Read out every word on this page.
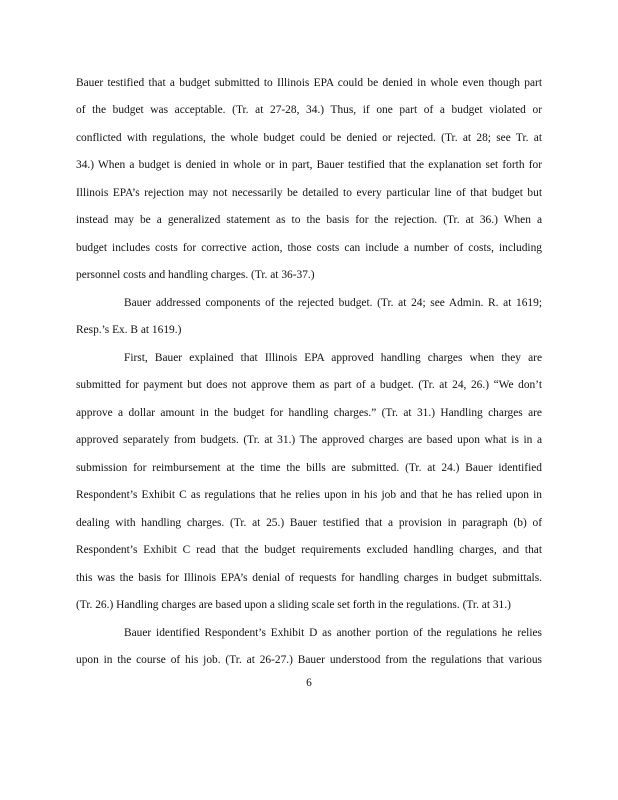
Bauer testified that a budget submitted to Illinois EPA could be denied in whole even though part
of the budget was acceptable. (Tr. at 27-28, 34.) Thus, if one part of a budget violated or
conflicted with regulations, the whole budget could be denied or rejected. (Tr. at 28; see Tr. at
34.) When a budget is denied in whole or in part, Bauer testified that the explanation set forth for
Illinois EPA’s rejection may not necessarily be detailed to every particular line of that budget but
instead may be a generalized statement as to the basis for the rejection. (Tr. at 36.) When a
budget includes costs for corrective action, those costs can include a number of costs, including
personnel costs and handling charges. (Tr. at 36-37.)
Bauer addressed components of the rejected budget. (Tr. at 24; see Admin. R. at 1619;
Resp.’s Ex. B at 1619.)
First, Bauer explained that Illinois EPA approved handling charges when they are
submitted for payment but does not approve them as part of a budget. (Tr. at 24, 26.) “We don’t
approve a dollar amount in the budget for handling charges.” (Tr. at 31.) Handling charges are
approved separately from budgets. (Tr. at 31.) The approved charges are based upon what is in a
submission for reimbursement at the time the bills are submitted. (Tr. at 24.) Bauer identified
Respondent’s Exhibit C as regulations that he relies upon in his job and that he has relied upon in
dealing with handling charges. (Tr. at 25.) Bauer testified that a provision in paragraph (b) of
Respondent’s Exhibit C read that the budget requirements excluded handling charges, and that
this was the basis for Illinois EPA’s denial of requests for handling charges in budget submittals.
(Tr. 26.) Handling charges are based upon a sliding scale set forth in the regulations. (Tr. at 31.)
Bauer identified Respondent’s Exhibit D as another portion of the regulations he relies
upon in the course of his job. (Tr. at 26-27.) Bauer understood from the regulations that various
6
